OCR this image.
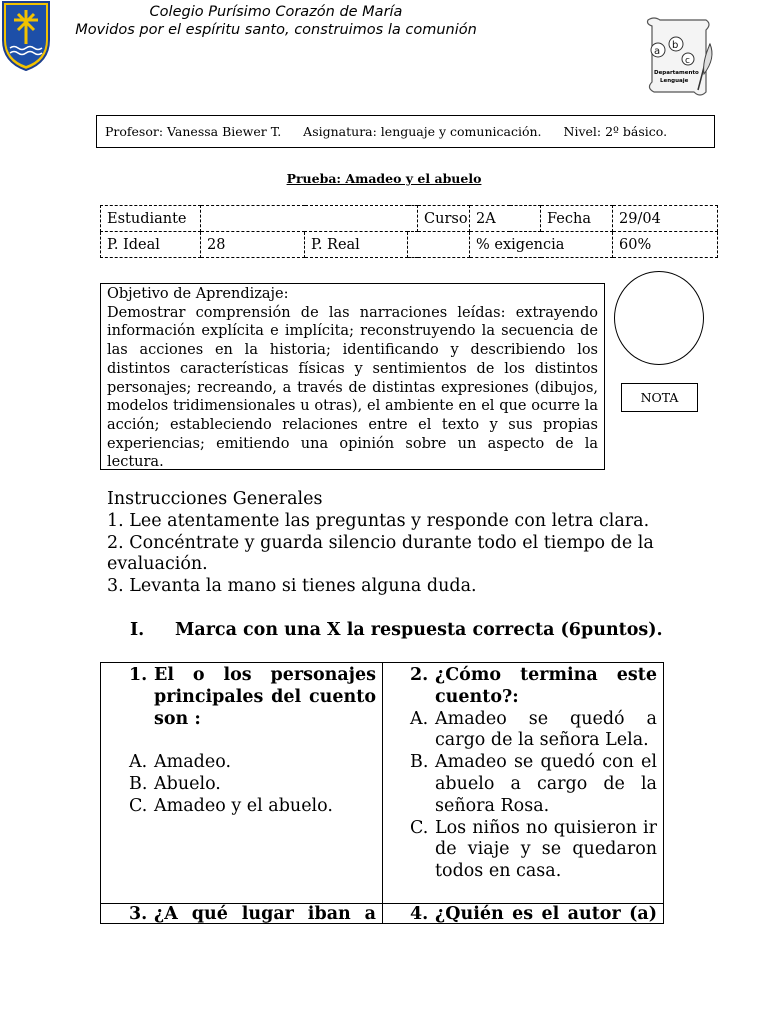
Colegio Purísimo Corazón de María
Movidos por el espíritu santo, construimos la comunión
a
b
c
Departamento
Lenguaje
Profesor: Vanessa Biewer T. Asignatura: lenguaje y comunicación. Nivel: 2º básico.
Prueba: Amadeo y el abuelo
Estudiante				Curso	2A	Fecha	29/04
P. Ideal	28	P. Real			% exigencia		60%
Objetivo de Aprendizaje:
Demostrar comprensión de las narraciones leídas: extrayendo información explícita e implícita; reconstruyendo la secuencia de las acciones en la historia; identificando y describiendo los distintos características físicas y sentimientos de los distintos personajes; recreando, a través de distintas expresiones (dibujos, modelos tridimensionales u otras), el ambiente en el que ocurre la acción; estableciendo relaciones entre el texto y sus propias experiencias; emitiendo una opinión sobre un aspecto de la lectura.
NOTA
Instrucciones Generales
1. Lee atentamente las preguntas y responde con letra clara.
2. Concéntrate y guarda silencio durante todo el tiempo de la evaluación.
3. Levanta la mano si tienes alguna duda.
I. Marca con una X la respuesta correcta (6puntos).
1. El o los personajes principales del cuento son :
A. Amadeo.
B. Abuelo.
C. Amadeo y el abuelo.
2. ¿Cómo termina este cuento?:
A. Amadeo se quedó a cargo de la señora Lela.
B. Amadeo se quedó con el abuelo a cargo de la señora Rosa.
C. Los niños no quisieron ir de viaje y se quedaron todos en casa.
3. ¿A qué lugar iban a 4. ¿Quién es el autor (a)
